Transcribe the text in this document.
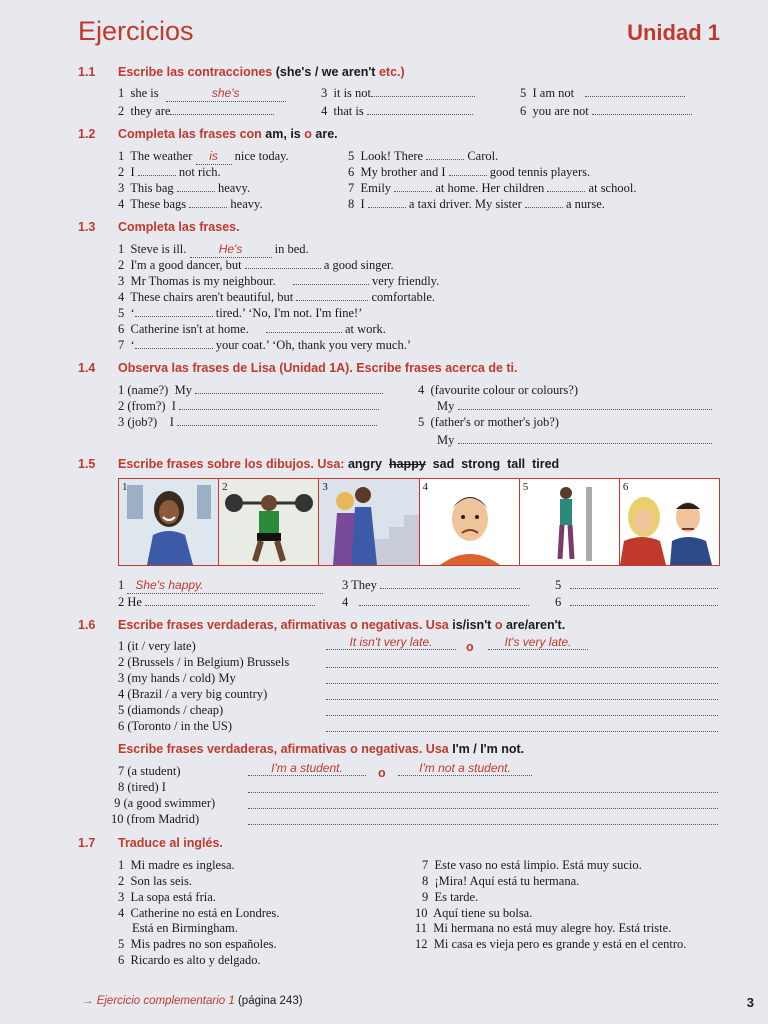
Ejercicios	Unidad 1
1.1 Escribe las contracciones (she's / we aren't etc.)
1 she is	she's
2 they are
3 it is not
4 that is
5 I am not
6 you are not
1.2 Completa las frases con am, is o are.
1 The weather is nice today.
2 I	not rich.
3 This bag	heavy.
4 These bags	heavy.
5 Look! There	Carol.
6 My brother and I	good tennis players.
7 Emily	at home. Her children	at school.
8 I	a taxi driver. My sister	a nurse.
1.3 Completa las frases.
1 Steve is ill.	He's	in bed.
2 I'm a good dancer, but	a good singer.
3 Mr Thomas is my neighbour.	very friendly.
4 These chairs aren't beautiful, but	comfortable.
5 ‘	tired.’ ‘No, I'm not. I'm fine!’
6 Catherine isn't at home.	at work.
7 ‘	your coat.’ ‘Oh, thank you very much.’
1.4 Observa las frases de Lisa (Unidad 1A). Escribe frases acerca de ti.
1 (name?) My
2 (from?) I
3 (job?) I
4 (favourite colour or colours?)
My
5 (father's or mother's job?)
My
1.5 Escribe frases sobre los dibujos. Usa: angry happy sad strong tall tired
1	2	3	4	5	6
1 She's happy.
2 He
3 They
4
5
6
1.6 Escribe frases verdaderas, afirmativas o negativas. Usa is/isn't o are/aren't.
1 (it / very late)	It isn't very late.	o	It's very late.
2 (Brussels / in Belgium) Brussels
3 (my hands / cold) My
4 (Brazil / a very big country)
5 (diamonds / cheap)
6 (Toronto / in the US)
Escribe frases verdaderas, afirmativas o negativas. Usa I'm / I'm not.
7 (a student)	I'm a student.	o	I'm not a student.
8 (tired) I
9 (a good swimmer)
10 (from Madrid)
1.7 Traduce al inglés.
1 Mi madre es inglesa.
2 Son las seis.
3 La sopa está fría.
4 Catherine no está en Londres.
Está en Birmingham.
5 Mis padres no son españoles.
6 Ricardo es alto y delgado.
7 Este vaso no está limpio. Está muy sucio.
8 ¡Mira! Aquí está tu hermana.
9 Es tarde.
10 Aquí tiene su bolsa.
11 Mi hermana no está muy alegre hoy. Está triste.
12 Mi casa es vieja pero es grande y está en el centro.
→ Ejercicio complementario 1 (página 243)	3
